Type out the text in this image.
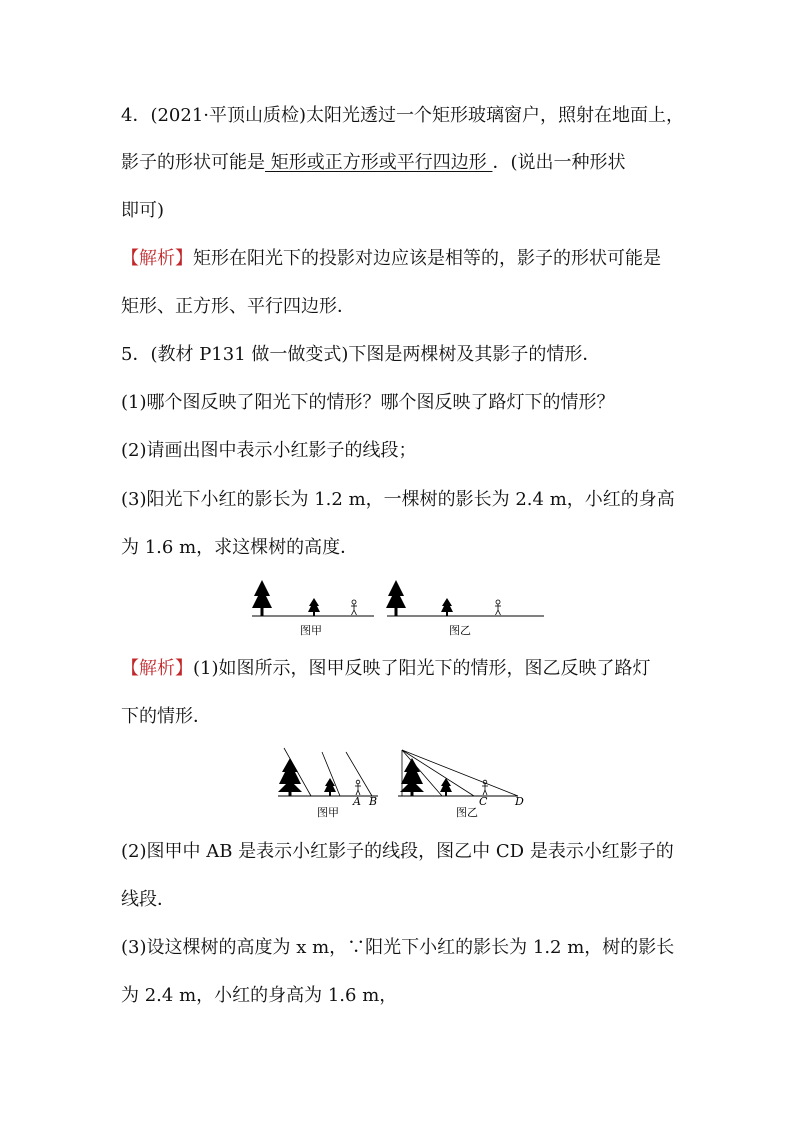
4．(2021·平顶山质检)太阳光透过一个矩形玻璃窗户，照射在地面上，
影子的形状可能是 矩形或正方形或平行四边形 ．(说出一种形状
即可)
【解析】矩形在阳光下的投影对边应该是相等的，影子的形状可能是
矩形、正方形、平行四边形．
5．(教材 P131 做一做变式)下图是两棵树及其影子的情形．
(1)哪个图反映了阳光下的情形？哪个图反映了路灯下的情形？
(2)请画出图中表示小红影子的线段；
(3)阳光下小红的影长为 1.2 m，一棵树的影长为 2.4 m，小红的身高
为 1.6 m，求这棵树的高度．
图甲	图乙
【解析】(1)如图所示，图甲反映了阳光下的情形，图乙反映了路灯
下的情形．
A B
图甲
C	D
图乙
(2)图甲中 AB 是表示小红影子的线段，图乙中 CD 是表示小红影子的
线段．
(3)设这棵树的高度为 x m，∵阳光下小红的影长为 1.2 m，树的影长
为 2.4 m，小红的身高为 1.6 m，
